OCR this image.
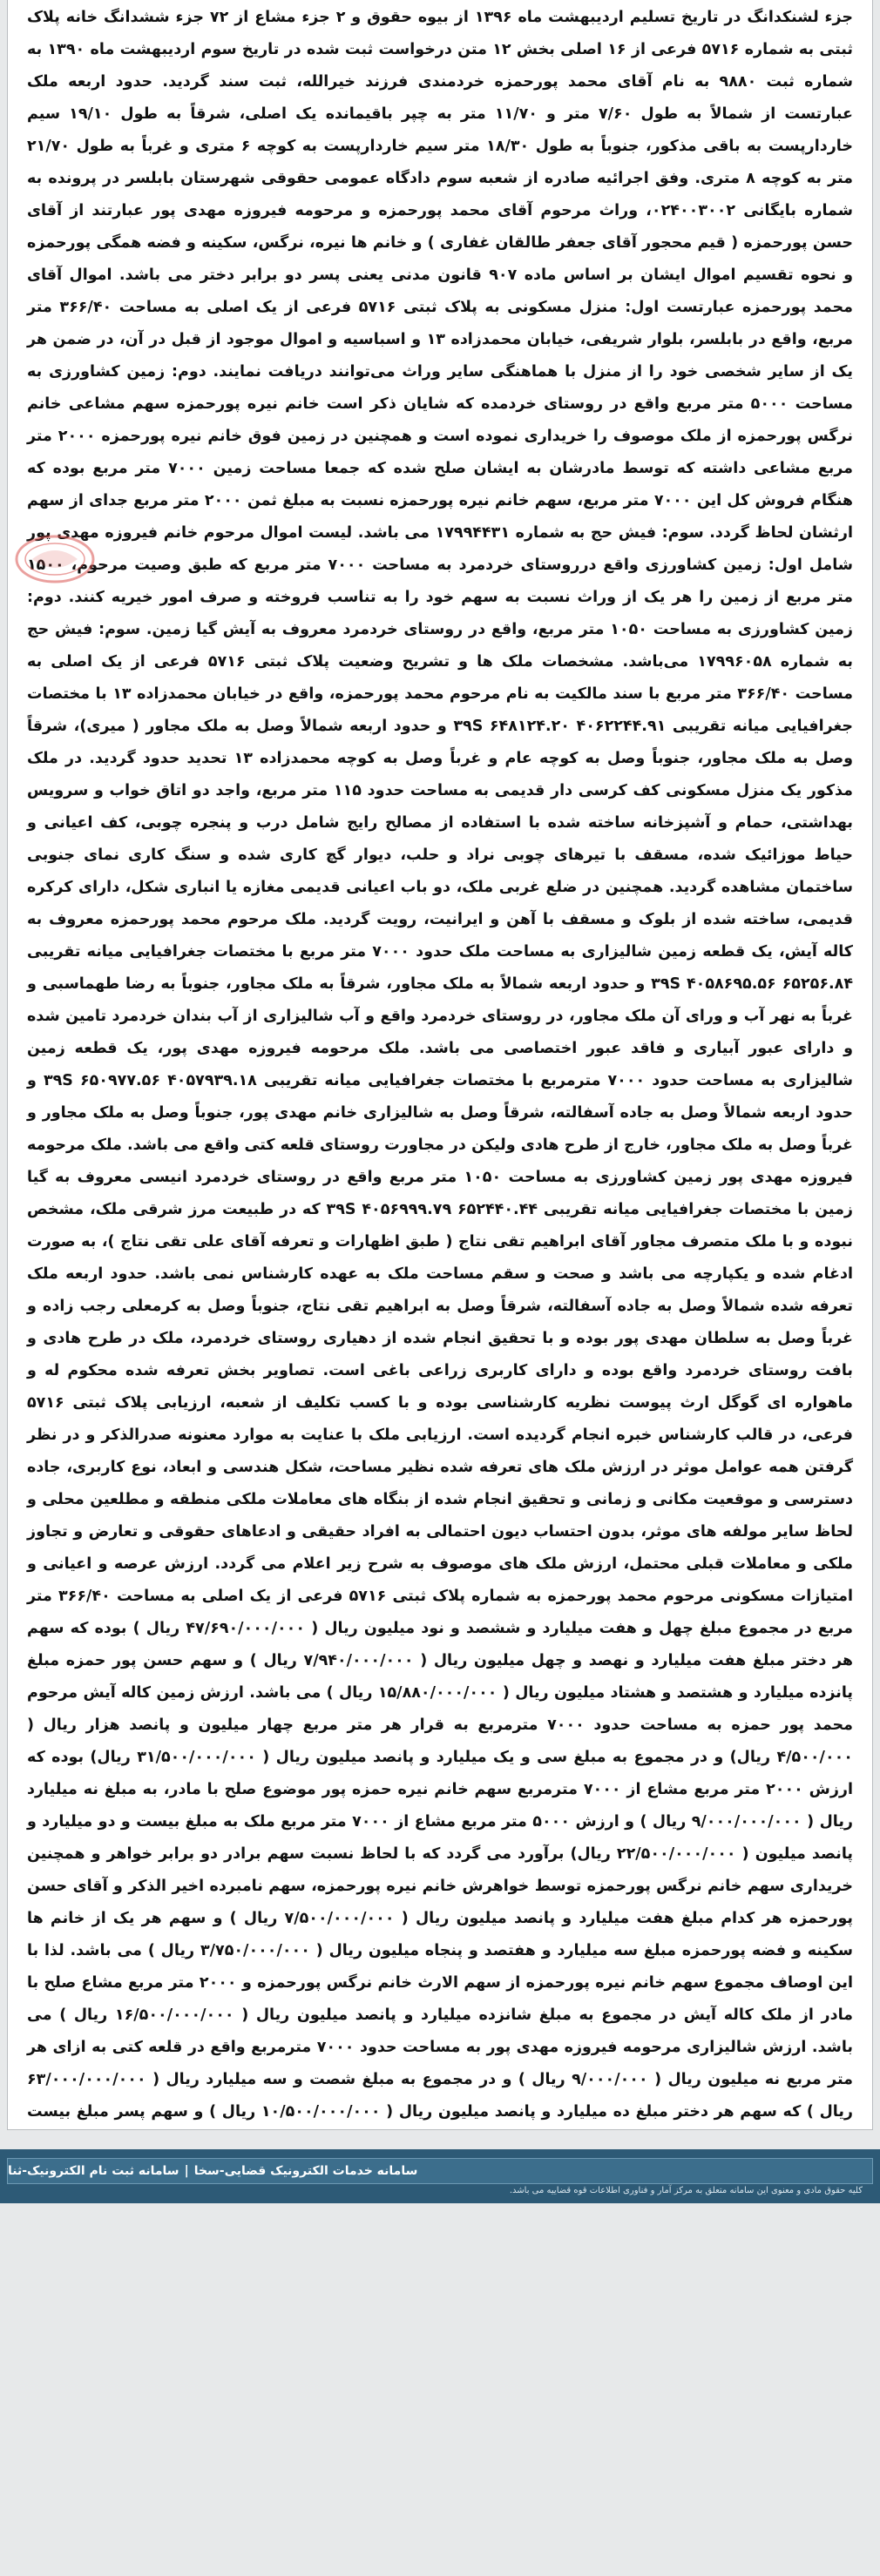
جزء لشنکدانگ در تاریخ تسلیم اردیبهشت ماه ۱۳۹۶ از بیوه حقوق و ۲ جزء مشاع از ۷۲ جزء ششدانگ خانه پلاک ثبتی به شماره ۵۷۱۶ فرعی از ۱۶ اصلی بخش ۱۲ متن درخواست ثبت شده در تاریخ سوم اردیبهشت ماه ۱۳۹۰ به شماره ثبت ۹۸۸۰ به نام آقای محمد پورحمزه خردمندی فرزند خیرالله، ثبت سند گردید. حدود اربعه ملک عبارتست از شمالاً به طول ۷/۶۰ متر و ۱۱/۷۰ متر به چپر باقیمانده یک اصلی، شرقاً به طول ۱۹/۱۰ سیم خاردارپست به باقی مذکور، جنوباً به طول ۱۸/۳۰ متر سیم خاردارپست به کوچه ۶ متری و غرباً به طول ۲۱/۷۰ متر به کوچه ۸ متری. وفق اجرائیه صادره از شعبه سوم دادگاه عمومی حقوقی شهرستان بابلسر در پرونده به شماره بایگانی ۰۲۴۰۰۳۰۰۲، وراث مرحوم آقای محمد پورحمزه و مرحومه فیروزه مهدی پور عبارتند از آقای حسن پورحمزه ( قیم محجور آقای جعفر طالقان غفاری ) و خانم ها نیره، نرگس، سکینه و فضه همگی پورحمزه و نحوه تقسیم اموال ایشان بر اساس ماده ۹۰۷ قانون مدنی یعنی پسر دو برابر دختر می باشد. اموال آقای محمد پورحمزه عبارتست اول: منزل مسکونی به پلاک ثبتی ۵۷۱۶ فرعی از یک اصلی به مساحت ۳۶۶/۴۰ متر مربع، واقع در بابلسر، بلوار شریفی، خیابان محمدزاده ۱۳ و اسباسیه و اموال موجود از قبل در آن، در ضمن هر یک از سایر شخصی خود را از منزل با هماهنگی سایر وراث می‌توانند دریافت نمایند. دوم: زمین کشاورزی به مساحت ۵۰۰۰ متر مربع واقع در روستای خردمده که شایان ذکر است خانم نیره پورحمزه سهم مشاعی خانم نرگس پورحمزه از ملک موصوف را خریداری نموده است و همچنین در زمین فوق خانم نیره پورحمزه ۲۰۰۰ متر مربع مشاعی داشته که توسط مادرشان به ایشان صلح شده که جمعا مساحت زمین ۷۰۰۰ متر مربع بوده که هنگام فروش کل این ۷۰۰۰ متر مربع، سهم خانم نیره پورحمزه نسبت به مبلغ ثمن ۲۰۰۰ متر مربع جدای از سهم ارثشان لحاظ گردد. سوم: فیش حج به شماره ۱۷۹۹۴۴۳۱ می باشد. لیست اموال مرحوم خانم فیروزه مهدی پور شامل اول: زمین کشاورزی واقع درروستای خردمرد به مساحت ۷۰۰۰ متر مربع که طبق وصیت مرحوم، ۱۵۰۰ متر مربع از زمین را هر یک از وراث نسبت به سهم خود را به تناسب فروخته و صرف امور خیریه کنند. دوم: زمین کشاورزی به مساحت ۱۰۵۰ متر مربع، واقع در روستای خردمرد معروف به آیش گیا زمین. سوم: فیش حج به شماره ۱۷۹۹۶۰۵۸ می‌باشد. مشخصات ملک ها و تشریح وضعیت پلاک ثبتی ۵۷۱۶ فرعی از یک اصلی به مساحت ۳۶۶/۴۰ متر مربع با سند مالکیت به نام مرحوم محمد پورحمزه، واقع در خیابان محمدزاده ۱۳ با مختصات جغرافیایی میانه تقریبی ۳۹S ۶۴۸۱۲۴.۲۰ ۴۰۶۲۲۴۴.۹۱ و حدود اربعه شمالاً وصل به ملک مجاور ( میری)، شرقاً وصل به ملک مجاور، جنوباً وصل به کوچه عام و غرباً وصل به کوچه محمدزاده ۱۳ تحدید حدود گردید. در ملک مذکور یک منزل مسکونی کف کرسی دار قدیمی به مساحت حدود ۱۱۵ متر مربع، واجد دو اتاق خواب و سرویس بهداشتی، حمام و آشپزخانه ساخته شده با استفاده از مصالح رایج شامل درب و پنجره چوبی، کف اعیانی و حیاط موزائیک شده، مسقف با تیرهای چوبی نراد و حلب، دیوار گچ کاری شده و سنگ کاری نمای جنوبی ساختمان مشاهده گردید. همچنین در ضلع غربی ملک، دو باب اعیانی قدیمی مغازه یا انباری شکل، دارای کرکره قدیمی، ساخته شده از بلوک و مسقف با آهن و ایرانیت، رویت گردید. ملک مرحوم محمد پورحمزه معروف به کاله آیش، یک قطعه زمین شالیزاری به مساحت ملک حدود ۷۰۰۰ متر مربع با مختصات جغرافیایی میانه تقریبی ۶۵۲۵۶.۸۴ ۴۰۵۸۶۹۵.۵۶ ۳۹S و حدود اربعه شمالاً به ملک مجاور، شرقاً به ملک مجاور، جنوباً به رضا طهماسبی و غرباً به نهر آب و ورای آن ملک مجاور، در روستای خردمرد واقع و آب شالیزاری از آب بندان خردمرد تامین شده و دارای عبور آبیاری و فاقد عبور اختصاصی می باشد. ملک مرحومه فیروزه مهدی پور، یک قطعه زمین شالیزاری به مساحت حدود ۷۰۰۰ مترمربع با مختصات جغرافیایی میانه تقریبی ۳۹S ۶۵۰۹۷۷.۵۶ ۴۰۵۷۹۳۹.۱۸ و حدود اربعه شمالاً وصل به جاده آسفالته، شرقاً وصل به شالیزاری خانم مهدی پور، جنوباً وصل به ملک مجاور و غرباً وصل به ملک مجاور، خارج از طرح هادی ولیکن در مجاورت روستای قلعه کتی واقع می باشد. ملک مرحومه فیروزه مهدی پور زمین کشاورزی به مساحت ۱۰۵۰ متر مربع واقع در روستای خردمرد انیسی معروف به گیا زمین با مختصات جغرافیایی میانه تقریبی ۶۵۲۴۴۰.۴۴ ۴۰۵۶۹۹۹.۷۹ ۳۹S که در طبیعت مرز شرقی ملک، مشخص نبوده و با ملک متصرف مجاور آقای ابراهیم تقی نتاج ( طبق اظهارات و تعرفه آقای علی تقی نتاج )، به صورت ادغام شده و یکپارچه می باشد و صحت و سقم مساحت ملک به عهده کارشناس نمی باشد. حدود اربعه ملک تعرفه شده شمالاً وصل به جاده آسفالته، شرقاً وصل به ابراهیم تقی نتاج، جنوباً وصل به کرمعلی رجب زاده و غرباً وصل به سلطان مهدی پور بوده و با تحقیق انجام شده از دهیاری روستای خردمرد، ملک در طرح هادی و بافت روستای خردمرد واقع بوده و دارای کاربری زراعی باغی است. تصاویر بخش تعرفه شده محکوم له و ماهواره ای گوگل ارث پیوست نظریه کارشناسی بوده و با کسب تکلیف از شعبه، ارزیابی پلاک ثبتی ۵۷۱۶ فرعی، در قالب کارشناس خبره انجام گردیده است. ارزیابی ملک با عنایت به موارد معنونه صدرالذکر و در نظر گرفتن همه عوامل موثر در ارزش ملک های تعرفه شده نظیر مساحت، شکل هندسی و ابعاد، نوع کاربری، جاده دسترسی و موقعیت مکانی و زمانی و تحقیق انجام شده از بنگاه های معاملات ملکی منطقه و مطلعین محلی و لحاظ سایر مولفه های موثر، بدون احتساب دیون احتمالی به افراد حقیقی و ادعاهای حقوقی و تعارض و تجاوز ملکی و معاملات قبلی محتمل، ارزش ملک های موصوف به شرح زیر اعلام می گردد. ارزش عرصه و اعیانی و امتیازات مسکونی مرحوم محمد پورحمزه به شماره پلاک ثبتی ۵۷۱۶ فرعی از یک اصلی به مساحت ۳۶۶/۴۰ متر مربع در مجموع مبلغ چهل و هفت میلیارد و ششصد و نود میلیون ریال ( ۴۷/۶۹۰/۰۰۰/۰۰۰ ریال ) بوده که سهم هر دختر مبلغ هفت میلیارد و نهصد و چهل میلیون ریال ( ۷/۹۴۰/۰۰۰/۰۰۰ ریال ) و سهم حسن پور حمزه مبلغ پانزده میلیارد و هشتصد و هشتاد میلیون ریال ( ۱۵/۸۸۰/۰۰۰/۰۰۰ ریال ) می باشد. ارزش زمین کاله آیش مرحوم محمد پور حمزه به مساحت حدود ۷۰۰۰ مترمربع به قرار هر متر مربع چهار میلیون و پانصد هزار ریال ( ۴/۵۰۰/۰۰۰ ریال) و در مجموع به مبلغ سی و یک میلیارد و پانصد میلیون ریال ( ۳۱/۵۰۰/۰۰۰/۰۰۰ ریال) بوده که ارزش ۲۰۰۰ متر مربع مشاع از ۷۰۰۰ مترمربع سهم خانم نیره حمزه پور موضوع صلح با مادر، به مبلغ نه میلیارد ریال ( ۹/۰۰۰/۰۰۰/۰۰۰ ریال ) و ارزش ۵۰۰۰ متر مربع مشاع از ۷۰۰۰ متر مربع ملک به مبلغ بیست و دو میلیارد و پانصد میلیون ( ۲۲/۵۰۰/۰۰۰/۰۰۰ ریال) برآورد می گردد که با لحاظ نسبت سهم برادر دو برابر خواهر و همچنین خریداری سهم خانم نرگس پورحمزه توسط خواهرش خانم نیره پورحمزه، سهم نامبرده اخیر الذکر و آقای حسن پورحمزه هر کدام مبلغ هفت میلیارد و پانصد میلیون ریال ( ۷/۵۰۰/۰۰۰/۰۰۰ ریال ) و سهم هر یک از خانم ها سکینه و فضه پورحمزه مبلغ سه میلیارد و هفتصد و پنجاه میلیون ریال ( ۳/۷۵۰/۰۰۰/۰۰۰ ریال ) می باشد. لذا با این اوصاف مجموع سهم خانم نیره پورحمزه از سهم الارث خانم نرگس پورحمزه و ۲۰۰۰ متر مربع مشاع صلح با مادر از ملک کاله آیش در مجموع به مبلغ شانزده میلیارد و پانصد میلیون ریال ( ۱۶/۵۰۰/۰۰۰/۰۰۰ ریال ) می باشد. ارزش شالیزاری مرحومه فیروزه مهدی پور به مساحت حدود ۷۰۰۰ مترمربع واقع در قلعه کتی به ازای هر متر مربع نه میلیون ریال ( ۹/۰۰۰/۰۰۰ ریال ) و در مجموع به مبلغ شصت و سه میلیارد ریال ( ۶۳/۰۰۰/۰۰۰/۰۰۰ ریال ) که سهم هر دختر مبلغ ده میلیارد و پانصد میلیون ریال ( ۱۰/۵۰۰/۰۰۰/۰۰۰ ریال ) و سهم پسر مبلغ بیست

سامانه خدمات الکترونیک قضایی-سخا
|
سامانه ثبت نام الکترونیک-ثنا
کلیه حقوق مادی و معنوی این سامانه متعلق به مرکز آمار و فناوری اطلاعات قوه قضاییه می باشد.
